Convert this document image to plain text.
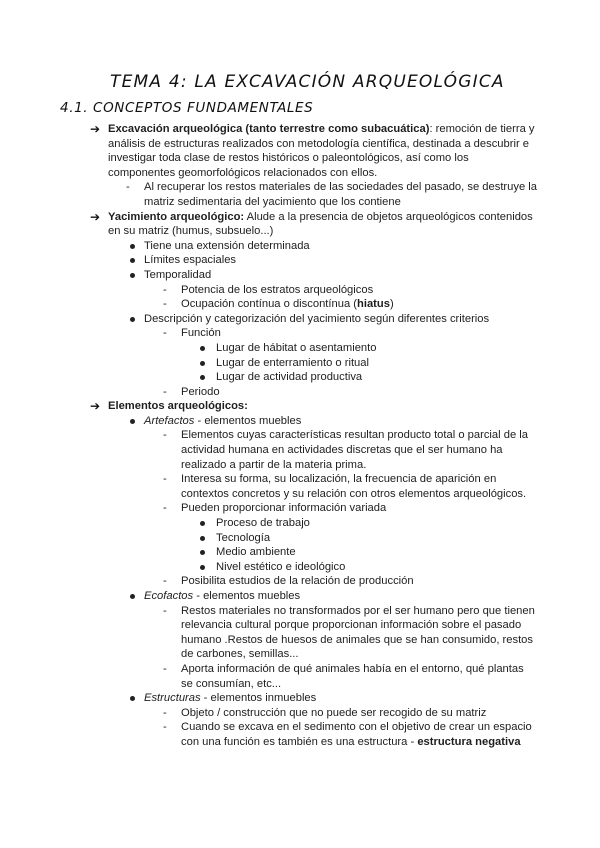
TEMA 4: LA EXCAVACIÓN ARQUEOLÓGICA
4.1. CONCEPTOS FUNDAMENTALES
➔ Excavación arqueológica (tanto terrestre como subacuática): remoción de tierra y análisis de estructuras realizados con metodología científica, destinada a descubrir e investigar toda clase de restos históricos o paleontológicos, así como los componentes geomorfológicos relacionados con ellos.
- Al recuperar los restos materiales de las sociedades del pasado, se destruye la matriz sedimentaria del yacimiento que los contiene
➔ Yacimiento arqueológico: Alude a la presencia de objetos arqueológicos contenidos en su matriz (humus, subsuelo...)
Tiene una extensión determinada
Límites espaciales
Temporalidad
- Potencia de los estratos arqueológicos
- Ocupación contínua o discontínua (hiatus)
Descripción y categorización del yacimiento según diferentes criterios
- Función
Lugar de hábitat o asentamiento
Lugar de enterramiento o ritual
Lugar de actividad productiva
- Periodo
➔ Elementos arqueológicos:
Artefactos - elementos muebles
- Elementos cuyas características resultan producto total o parcial de la actividad humana en actividades discretas que el ser humano ha realizado a partir de la materia prima.
- Interesa su forma, su localización, la frecuencia de aparición en contextos concretos y su relación con otros elementos arqueológicos.
- Pueden proporcionar información variada
Proceso de trabajo
Tecnología
Medio ambiente
Nivel estético e ideológico
- Posibilita estudios de la relación de producción
Ecofactos - elementos muebles
- Restos materiales no transformados por el ser humano pero que tienen relevancia cultural porque proporcionan información sobre el pasado humano .Restos de huesos de animales que se han consumido, restos de carbones, semillas...
- Aporta información de qué animales había en el entorno, qué plantas se consumían, etc...
Estructuras - elementos inmuebles
- Objeto / construcción que no puede ser recogido de su matriz
- Cuando se excava en el sedimento con el objetivo de crear un espacio con una función es también es una estructura - estructura negativa
